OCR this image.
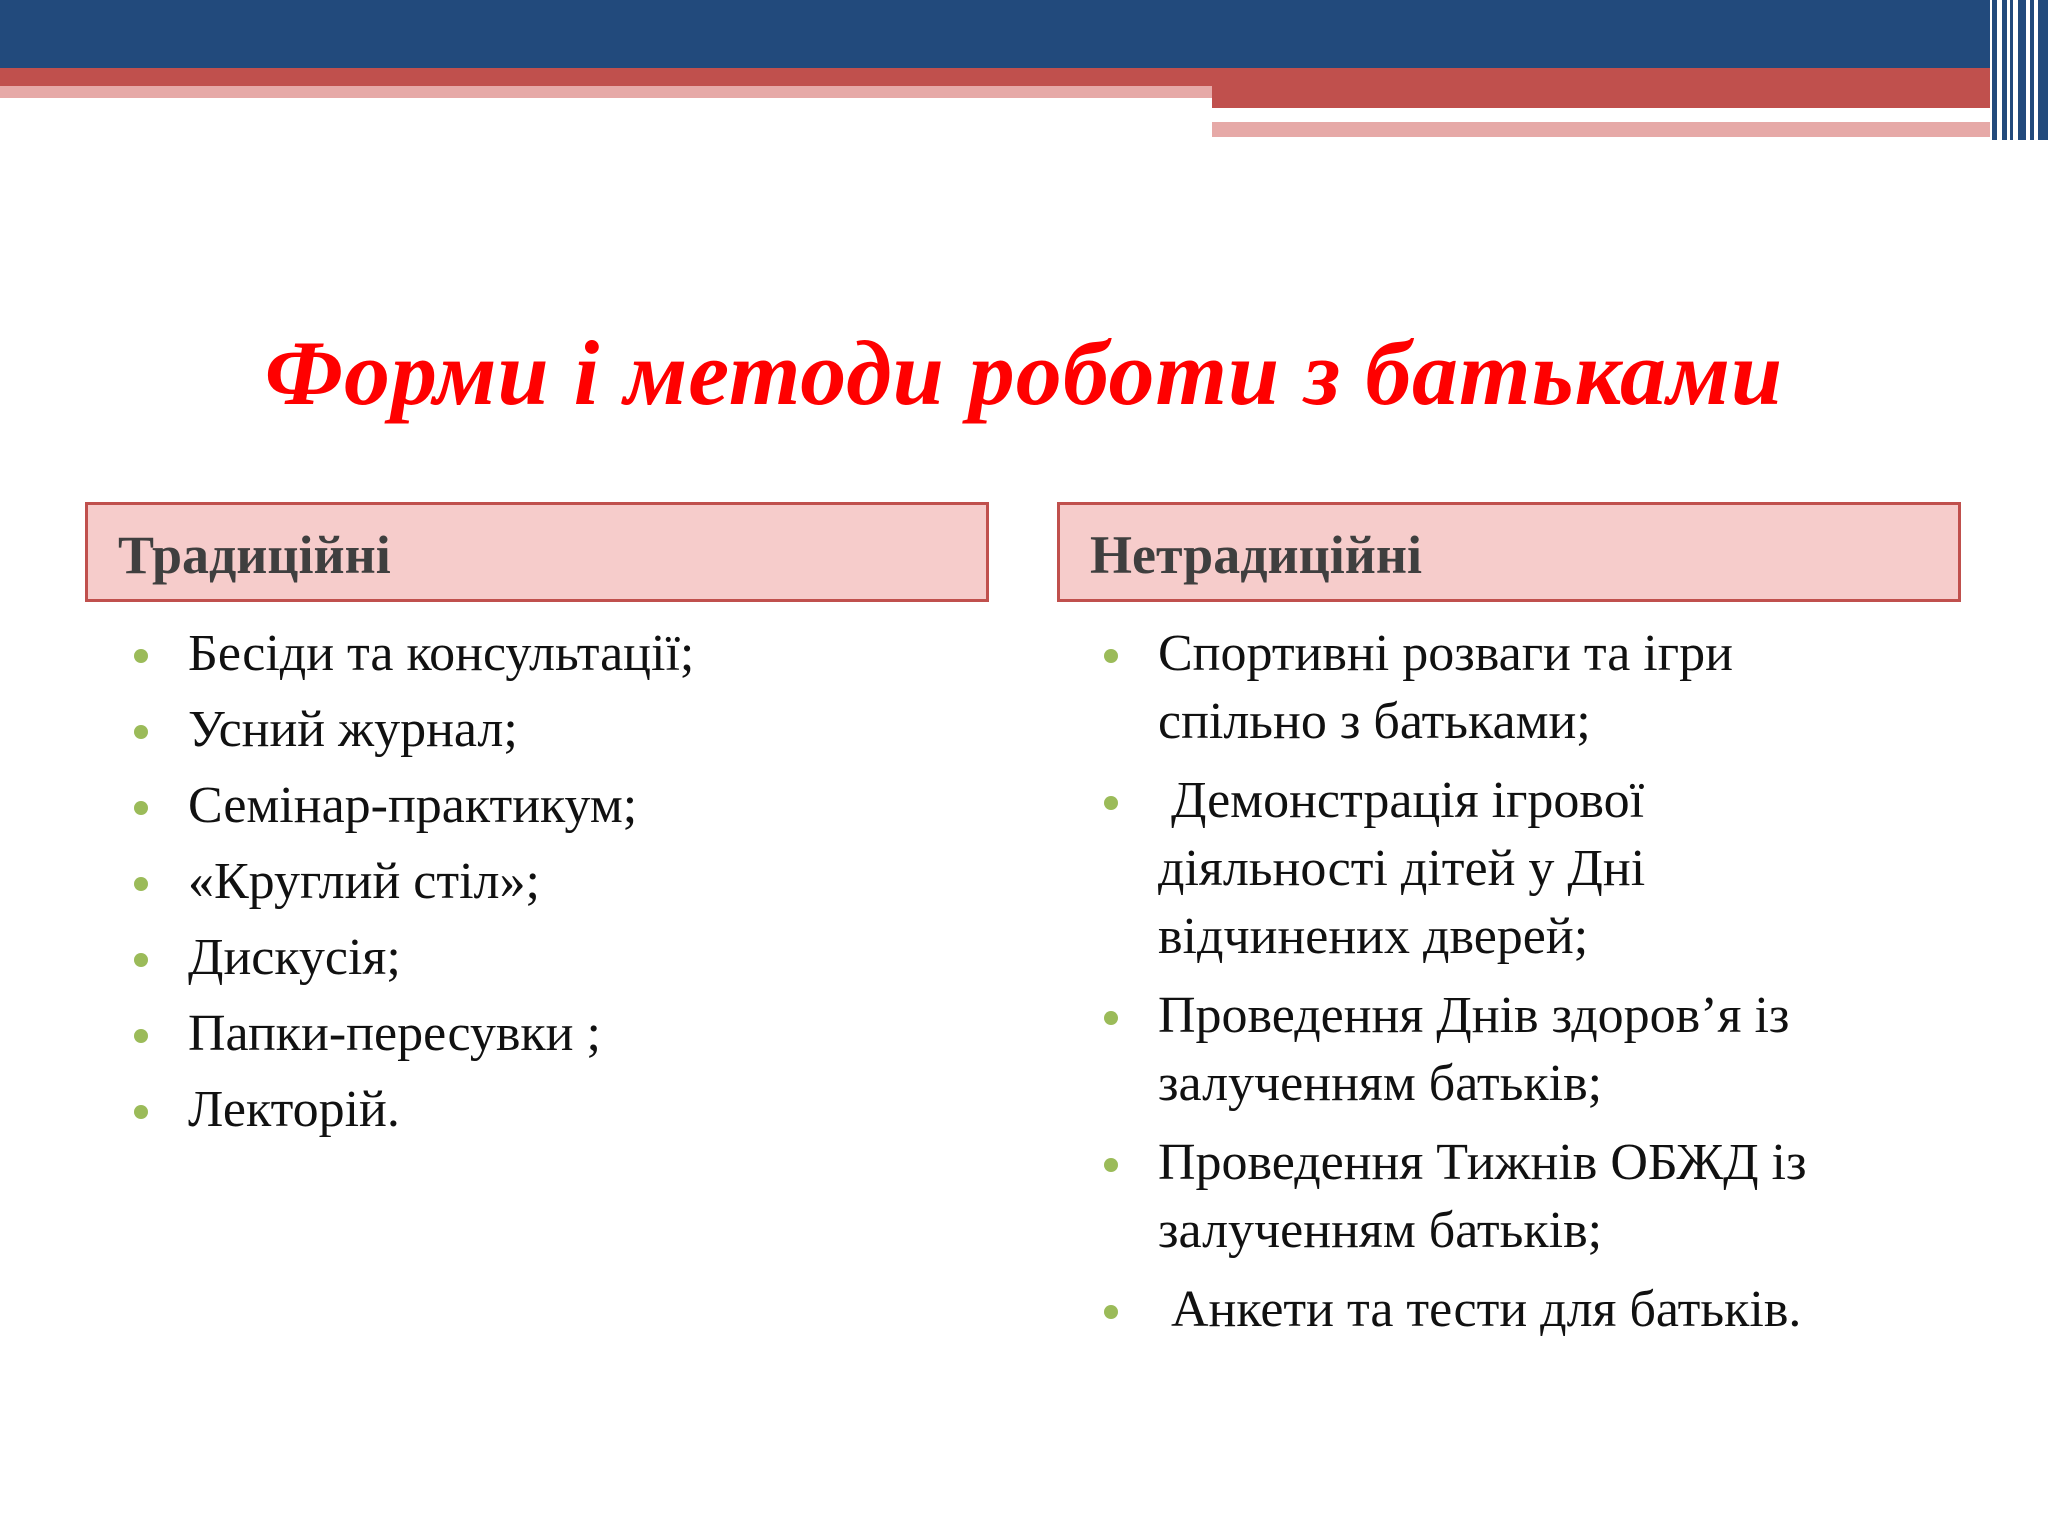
Форми і методи роботи з батьками
Традиційні	Нетрадиційні
Бесіди та консультації;
Усний журнал;
Семінар-практикум;
«Круглий стіл»;
Дискусія;
Папки-пересувки ;
Лекторій.
Спортивні розваги та ігри спільно з батьками;
Демонстрація ігрової діяльності дітей у Дні відчинених дверей;
Проведення Днів здоров’я із залученням батьків;
Проведення Тижнів ОБЖД із залученням батьків;
Анкети та тести для батьків.
